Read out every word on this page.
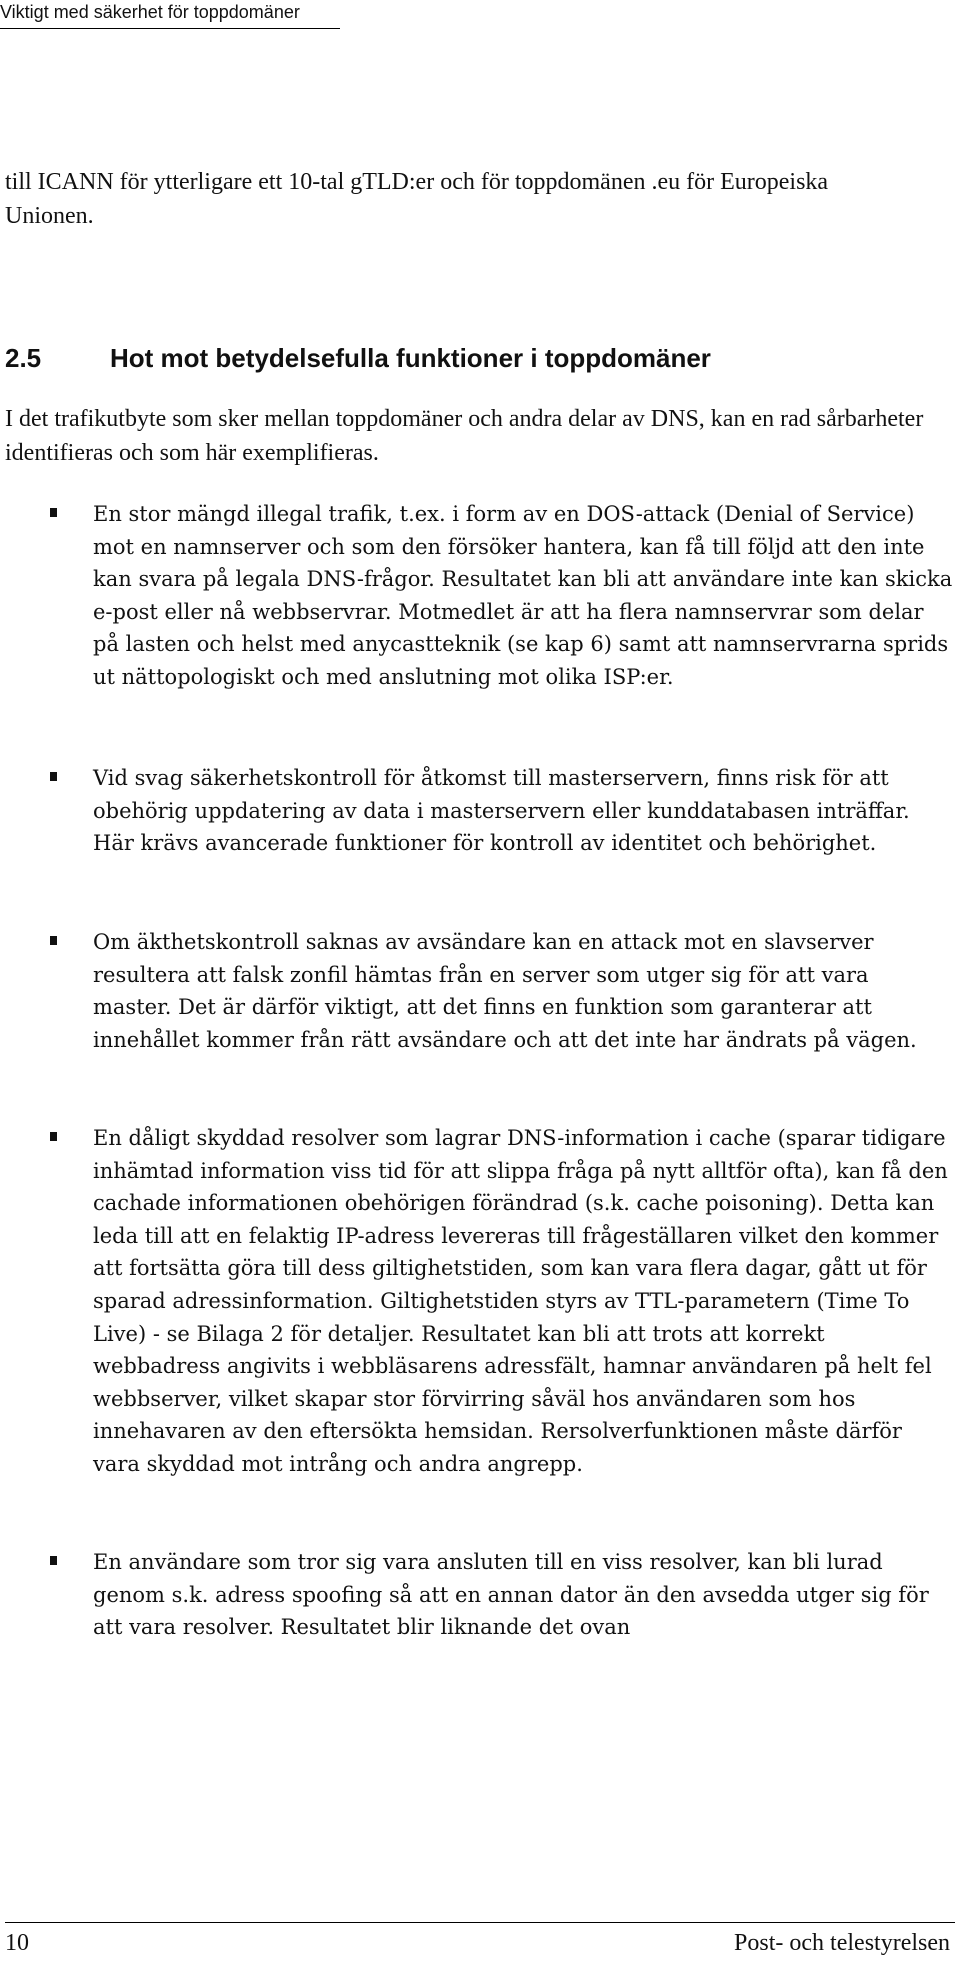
Viktigt med säkerhet för toppdomäner

till ICANN för ytterligare ett 10-tal gTLD:er och för toppdomänen .eu för Europeiska Unionen.

2.5	Hot mot betydelsefulla funktioner i toppdomäner

I det trafikutbyte som sker mellan toppdomäner och andra delar av DNS, kan en rad sårbarheter identifieras och som här exemplifieras.

En stor mängd illegal trafik, t.ex. i form av en DOS-attack (Denial of Service) mot en namnserver och som den försöker hantera, kan få till följd att den inte kan svara på legala DNS-frågor. Resultatet kan bli att användare inte kan skicka e-post eller nå webbservrar. Motmedlet är att ha flera namnservrar som delar på lasten och helst med anycastteknik (se kap 6) samt att namnservrarna sprids ut nättopologiskt och med anslutning mot olika ISP:er.

Vid svag säkerhetskontroll för åtkomst till masterservern, finns risk för att obehörig uppdatering av data i masterservern eller kunddatabasen inträffar. Här krävs avancerade funktioner för kontroll av identitet och behörighet.

Om äkthetskontroll saknas av avsändare kan en attack mot en slavserver resultera att falsk zonfil hämtas från en server som utger sig för att vara master. Det är därför viktigt, att det finns en funktion som garanterar att innehållet kommer från rätt avsändare och att det inte har ändrats på vägen.

En dåligt skyddad resolver som lagrar DNS-information i cache (sparar tidigare inhämtad information viss tid för att slippa fråga på nytt alltför ofta), kan få den cachade informationen obehörigen förändrad (s.k. cache poisoning). Detta kan leda till att en felaktig IP-adress levereras till frågeställaren vilket den kommer att fortsätta göra till dess giltighetstiden, som kan vara flera dagar, gått ut för sparad adressinformation. Giltighetstiden styrs av TTL-parametern (Time To Live) - se Bilaga 2 för detaljer. Resultatet kan bli att trots att korrekt webbadress angivits i webbläsarens adressfält, hamnar användaren på helt fel webbserver, vilket skapar stor förvirring såväl hos användaren som hos innehavaren av den eftersökta hemsidan. Rersolverfunktionen måste därför vara skyddad mot intrång och andra angrepp.

En användare som tror sig vara ansluten till en viss resolver, kan bli lurad genom s.k. adress spoofing så att en annan dator än den avsedda utger sig för att vara resolver. Resultatet blir liknande det ovan

10	Post- och telestyrelsen
